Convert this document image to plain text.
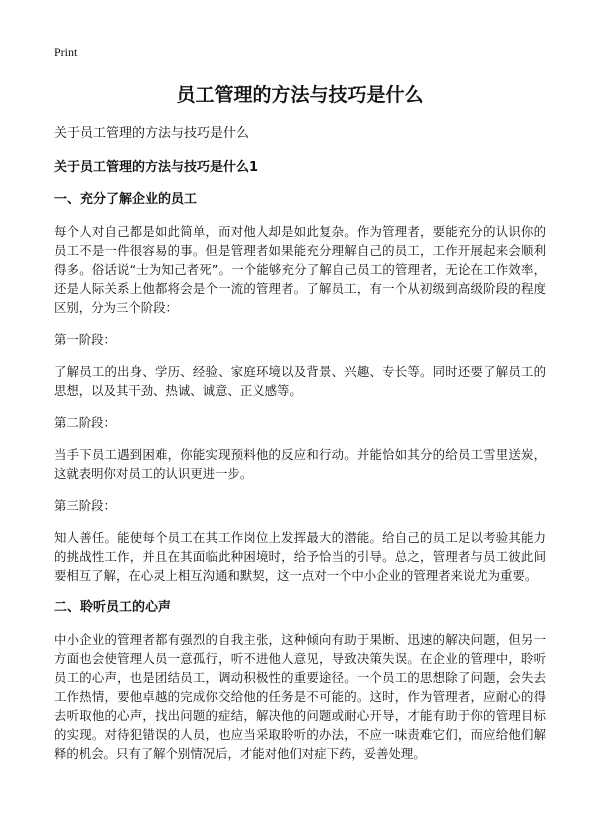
Print
员工管理的方法与技巧是什么
关于员工管理的方法与技巧是什么
关于员工管理的方法与技巧是什么1
一、充分了解企业的员工

每个人对自己都是如此简单，而对他人却是如此复杂。作为管理者，要能充分的认识你的员工不是一件很容易的事。但是管理者如果能充分理解自己的员工，工作开展起来会顺利得多。俗话说“士为知己者死”。一个能够充分了解自己员工的管理者，无论在工作效率，还是人际关系上他都将会是个一流的管理者。了解员工，有一个从初级到高级阶段的程度区别，分为三个阶段：

第一阶段：

了解员工的出身、学历、经验、家庭环境以及背景、兴趣、专长等。同时还要了解员工的思想，以及其干劲、热诚、诚意、正义感等。

第二阶段：

当手下员工遇到困难，你能实现预料他的反应和行动。并能恰如其分的给员工雪里送炭，这就表明你对员工的认识更进一步。

第三阶段：

知人善任。能使每个员工在其工作岗位上发挥最大的潜能。给自己的员工足以考验其能力的挑战性工作，并且在其面临此种困境时，给予恰当的引导。总之，管理者与员工彼此间要相互了解，在心灵上相互沟通和默契，这一点对一个中小企业的管理者来说尤为重要。

二、聆听员工的心声

中小企业的管理者都有强烈的自我主张，这种倾向有助于果断、迅速的解决问题，但另一方面也会使管理人员一意孤行，听不进他人意见，导致决策失误。在企业的管理中，聆听员工的心声，也是团结员工，调动积极性的重要途径。一个员工的思想除了问题，会失去工作热情，要他卓越的完成你交给他的任务是不可能的。这时，作为管理者，应耐心的得去听取他的心声，找出问题的症结，解决他的问题或耐心开导，才能有助于你的管理目标的实现。对待犯错误的人员，也应当采取聆听的办法，不应一味责难它们，而应给他们解释的机会。只有了解个别情况后，才能对他们对症下药，妥善处理。
